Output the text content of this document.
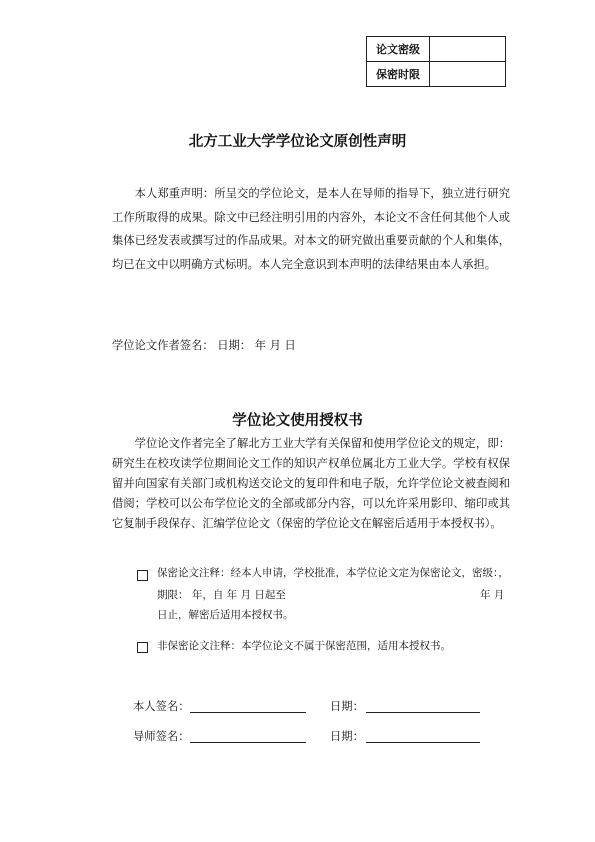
论文密级	
保密时限	
北方工业大学学位论文原创性声明
本人郑重声明：所呈交的学位论文，是本人在导师的指导下，独立进行研究工作所取得的成果。除文中已经注明引用的内容外，本论文不含任何其他个人或集体已经发表或撰写过的作品成果。对本文的研究做出重要贡献的个人和集体，均已在文中以明确方式标明。本人完全意识到本声明的法律结果由本人承担。
学位论文作者签名： 日期： 年 月 日
学位论文使用授权书
学位论文作者完全了解北方工业大学有关保留和使用学位论文的规定，即：研究生在校攻读学位期间论文工作的知识产权单位属北方工业大学。学校有权保留并向国家有关部门或机构送交论文的复印件和电子版，允许学位论文被查阅和借阅；学校可以公布学位论文的全部或部分内容，可以允许采用影印、缩印或其它复制手段保存、汇编学位论文（保密的学位论文在解密后适用于本授权书）。
保密论文注释：经本人申请，学校批准，本学位论文定为保密论文，密级：，
期限： 年，自 年 月 日起至	年 月
日止，解密后适用本授权书。
非保密论文注释：本学位论文不属于保密范围，适用本授权书。
本人签名：	日期：
导师签名：	日期：
